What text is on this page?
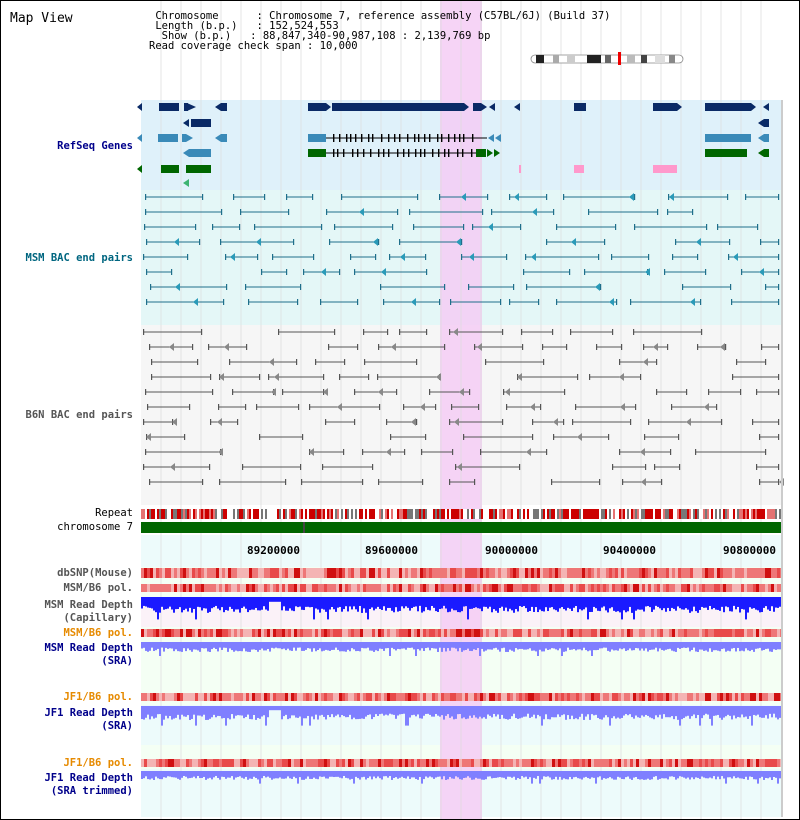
89200000	89600000	90000000	90400000	90800000
Map View	Chromosome      : Chromosome 7, reference assembly (C57BL/6J) (Build 37)
Length (b.p.)   : 152,524,553
Show (b.p.)   : 88,847,340-90,987,108 : 2,139,769 bp
Read coverage check span : 10,000
RefSeq Genes
MSM BAC end pairs
B6N BAC end pairs
Repeat
chromosome 7
dbSNP(Mouse)
MSM/B6 pol.
MSM Read Depth
(Capillary)
MSM/B6 pol.
MSM Read Depth
(SRA)
JF1/B6 pol.
JF1 Read Depth
(SRA)
JF1/B6 pol.
JF1 Read Depth
(SRA trimmed)
